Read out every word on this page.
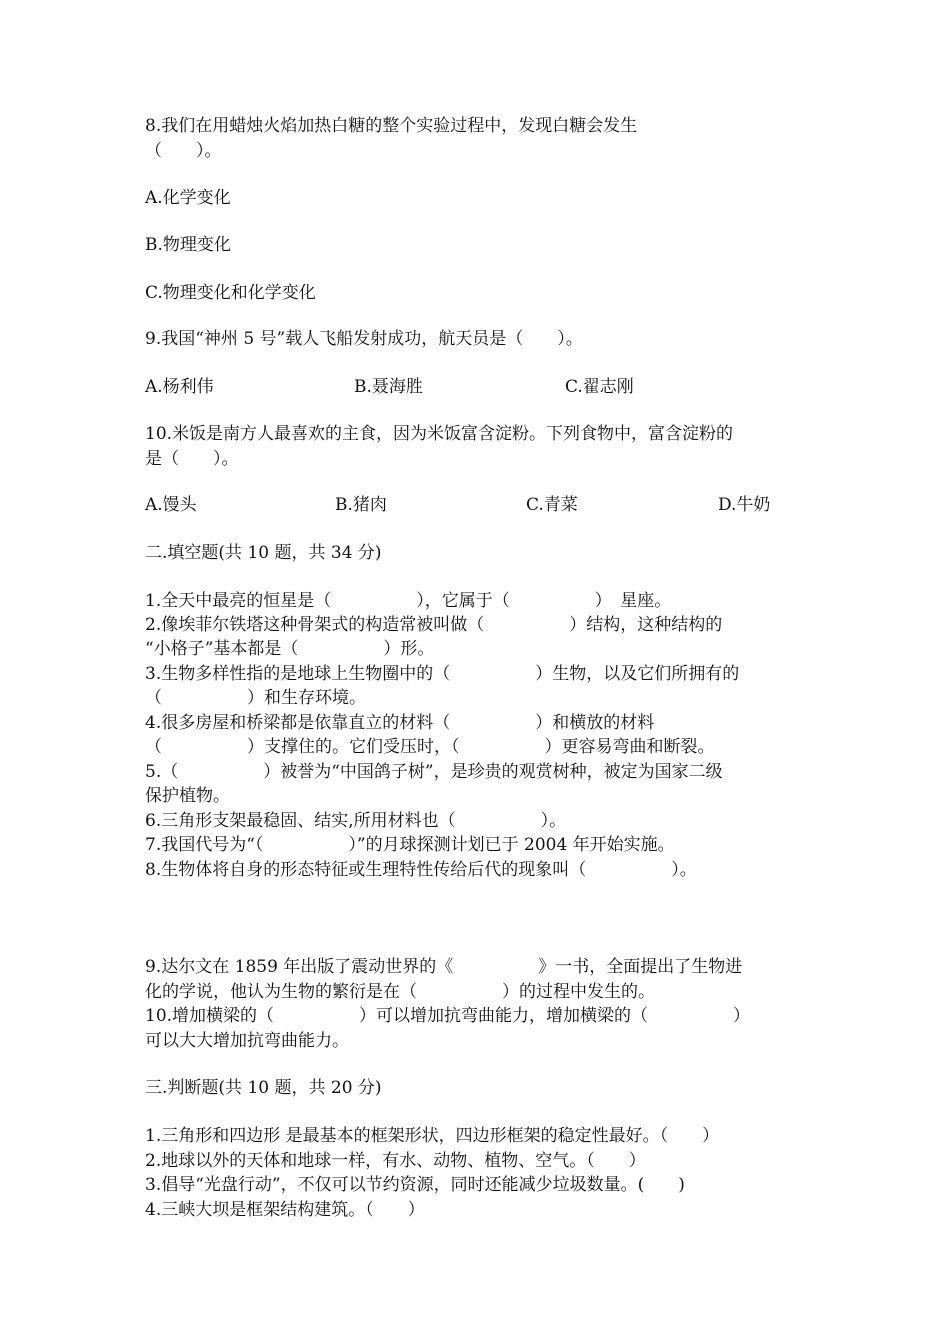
8.我们在用蜡烛火焰加热白糖的整个实验过程中，发现白糖会发生
（　　）。
A.化学变化
B.物理变化
C.物理变化和化学变化
9.我国“神州 5 号”载人飞船发射成功，航天员是（　　）。
A.杨利伟	B.聂海胜	C.翟志刚
10.米饭是南方人最喜欢的主食，因为米饭富含淀粉。下列食物中，富含淀粉的
是（　　）。
A.馒头	B.猪肉	C.青菜	D.牛奶
二.填空题(共 10 题，共 34 分)
1.全天中最亮的恒星是（　　　　　），它属于（　　　　　）　星座。
2.像埃菲尔铁塔这种骨架式的构造常被叫做（　　　　　）结构，这种结构的
“小格子”基本都是（　　　　　）形。
3.生物多样性指的是地球上生物圈中的（　　　　　）生物，以及它们所拥有的
（　　　　　）和生存环境。
4.很多房屋和桥梁都是依靠直立的材料（　　　　　）和横放的材料
（　　　　　）支撑住的。它们受压时，（　　　　　）更容易弯曲和断裂。
5.（　　　　　）被誉为“中国鸽子树”，是珍贵的观赏树种，被定为国家二级
保护植物。
6.三角形支架最稳固、结实,所用材料也（　　　　　）。
7.我国代号为“（　　　　　）”的月球探测计划已于 2004 年开始实施。
8.生物体将自身的形态特征或生理特性传给后代的现象叫（　　　　　）。
9.达尔文在 1859 年出版了震动世界的《　　　　　》一书，全面提出了生物进
化的学说，他认为生物的繁衍是在（　　　　　）的过程中发生的。
10.增加横梁的（　　　　　）可以增加抗弯曲能力，增加横梁的（　　　　　）
可以大大增加抗弯曲能力。
三.判断题(共 10 题，共 20 分)
1.三角形和四边形 是最基本的框架形状，四边形框架的稳定性最好。（　　）
2.地球以外的天体和地球一样，有水、动物、植物、空气。（　　）
3.倡导“光盘行动”，不仅可以节约资源，同时还能减少垃圾数量。(　　)
4.三峡大坝是框架结构建筑。（　　）
